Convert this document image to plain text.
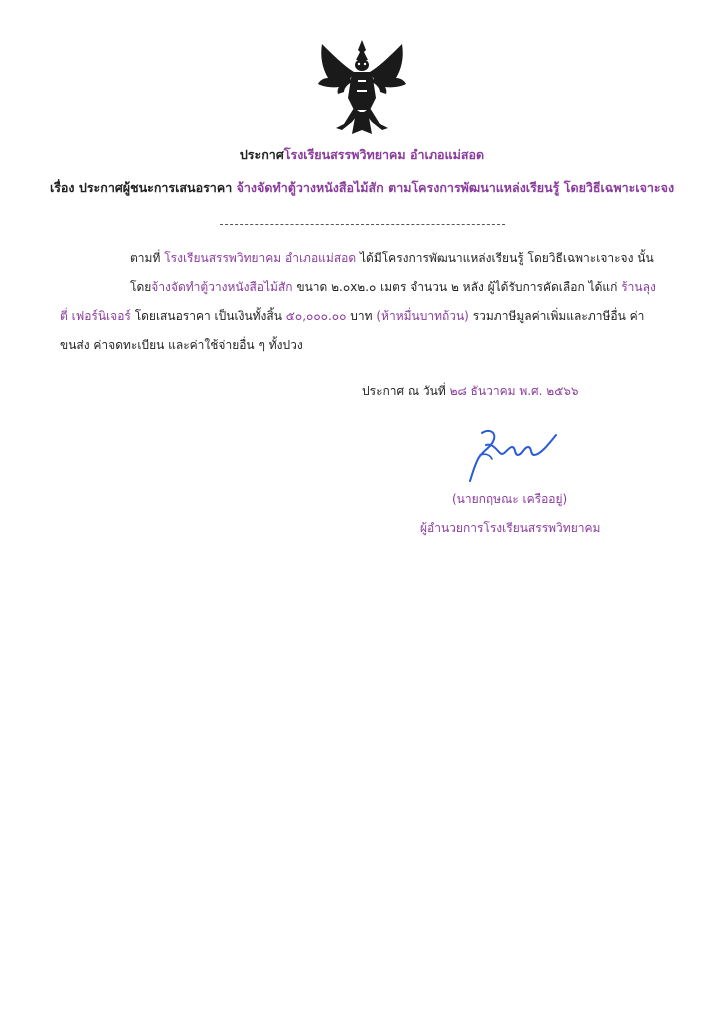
ประกาศโรงเรียนสรรพวิทยาคม อำเภอแม่สอด
เรื่อง ประกาศผู้ชนะการเสนอราคา จ้างจัดทำตู้วางหนังสือไม้สัก ตามโครงการพัฒนาแหล่งเรียนรู้ โดยวิธีเฉพาะเจาะจง

ตามที่ โรงเรียนสรรพวิทยาคม อำเภอแม่สอด ได้มีโครงการพัฒนาแหล่งเรียนรู้ โดยวิธีเฉพาะเจาะจง นั้น

โดยจ้างจัดทำตู้วางหนังสือไม้สัก ขนาด ๒.๐x๒.๐ เมตร จำนวน ๒ หลัง ผู้ได้รับการคัดเลือก ได้แก่ ร้านลุงตี่ เฟอร์นิเจอร์ โดยเสนอราคา เป็นเงินทั้งสิ้น ๕๐,๐๐๐.๐๐ บาท (ห้าหมื่นบาทถ้วน) รวมภาษีมูลค่าเพิ่มและภาษีอื่น ค่าขนส่ง ค่าจดทะเบียน และค่าใช้จ่ายอื่น ๆ ทั้งปวง

ประกาศ ณ วันที่ ๒๘ ธันวาคม พ.ศ. ๒๕๖๖
(นายกฤษณะ เครืออยู่)
ผู้อำนวยการโรงเรียนสรรพวิทยาคม
